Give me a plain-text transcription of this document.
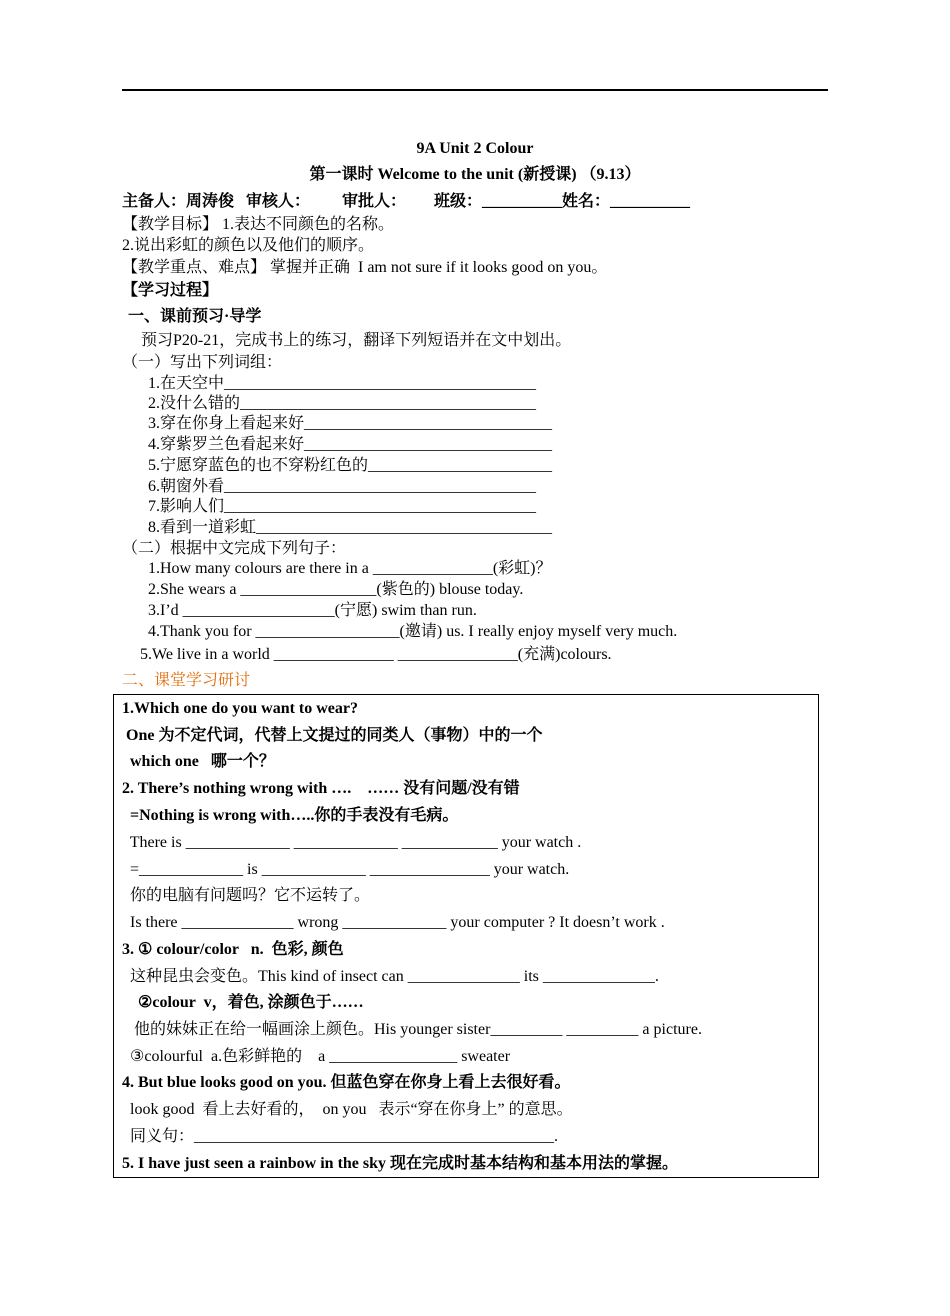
9A Unit 2 Colour
第一课时 Welcome to the unit (新授课) （9.13）
主备人：周涛俊   审核人：        审批人：       班级：__________姓名：__________
【教学目标】 1.表达不同颜色的名称。
2.说出彩虹的颜色以及他们的顺序。
【教学重点、难点】 掌握并正确  I am not sure if it looks good on you。
【学习过程】
一、课前预习·导学
预习P20-21，完成书上的练习，翻译下列短语并在文中划出。
（一）写出下列词组：
1.在天空中_______________________________________
2.没什么错的_____________________________________
3.穿在你身上看起来好_______________________________
4.穿紫罗兰色看起来好_______________________________
5.宁愿穿蓝色的也不穿粉红色的_______________________
6.朝窗外看_______________________________________
7.影响人们_______________________________________
8.看到一道彩虹_____________________________________
（二）根据中文完成下列句子：
1.How many colours are there in a _______________(彩虹)？
2.She wears a _________________(紫色的) blouse today.
3.I’d ___________________(宁愿) swim than run.
4.Thank you for __________________(邀请) us. I really enjoy myself very much.
5.We live in a world _______________ _______________(充满)colours.
二、课堂学习研讨
1.Which one do you want to wear?
One 为不定代词，代替上文提过的同类人（事物）中的一个
which one   哪一个？
2. There’s nothing wrong with ….    …… 没有问题/没有错
=Nothing is wrong with…..你的手表没有毛病。
There is _____________ _____________ ____________ your watch .
=_____________ is _____________ _______________ your watch.
你的电脑有问题吗？它不运转了。
Is there ______________ wrong _____________ your computer ? It doesn’t work .
3. ① colour/color   n.  色彩, 颜色
这种昆虫会变色。This kind of insect can ______________ its ______________.
②colour  v，着色, 涂颜色于……
他的妹妹正在给一幅画涂上颜色。His younger sister_________ _________ a picture.
③colourful  a.色彩鲜艳的    a ________________ sweater
4. But blue looks good on you. 但蓝色穿在你身上看上去很好看。
look good  看上去好看的，  on you   表示“穿在你身上” 的意思。
同义句：_____________________________________________.
5. I have just seen a rainbow in the sky 现在完成时基本结构和基本用法的掌握。
